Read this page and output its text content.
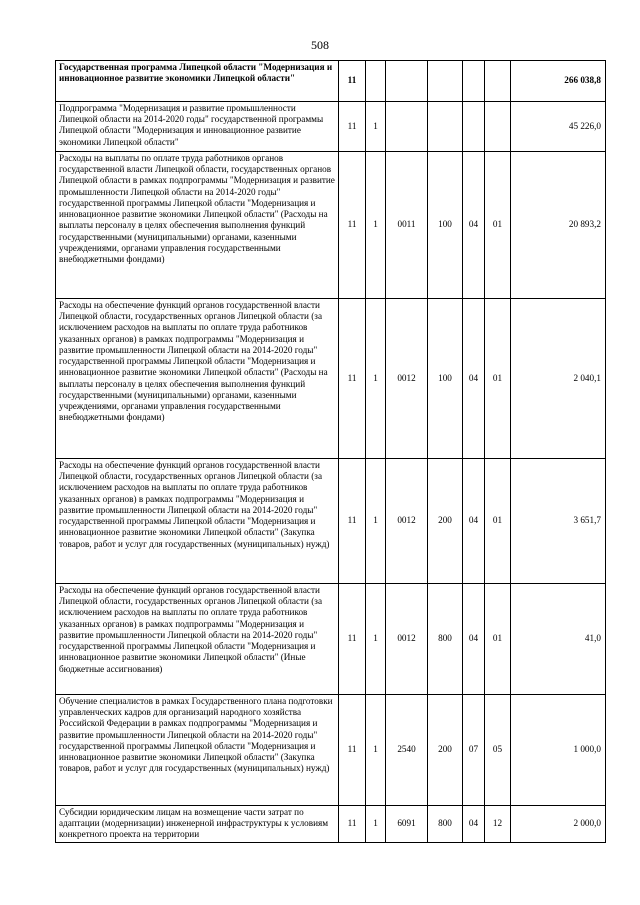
508
Государственная программа Липецкой области "Модернизация и инновационное развитие экономики Липецкой области"	11						266 038,8
Подпрограмма "Модернизация и развитие промышленности Липецкой области на 2014-2020 годы" государственной программы Липецкой области "Модернизация и инновационное развитие экономики Липецкой области"	11	1					45 226,0
Расходы на выплаты по оплате труда работников органов государственной власти Липецкой области, государственных органов Липецкой области в рамках подпрограммы "Модернизация и развитие промышленности Липецкой области на 2014-2020 годы" государственной программы Липецкой области "Модернизация и инновационное развитие экономики Липецкой области" (Расходы на выплаты персоналу в целях обеспечения выполнения функций государственными (муниципальными) органами, казенными учреждениями, органами управления государственными внебюджетными фондами)	11	1	0011	100	04	01	20 893,2
Расходы на обеспечение функций органов государственной власти Липецкой области, государственных органов Липецкой области (за исключением расходов на выплаты по оплате труда работников указанных органов) в рамках подпрограммы "Модернизация и развитие промышленности Липецкой области на 2014-2020 годы" государственной программы Липецкой области "Модернизация и инновационное развитие экономики Липецкой области" (Расходы на выплаты персоналу в целях обеспечения выполнения функций государственными (муниципальными) органами, казенными учреждениями, органами управления государственными внебюджетными фондами)	11	1	0012	100	04	01	2 040,1
Расходы на обеспечение функций органов государственной власти Липецкой области, государственных органов Липецкой области (за исключением расходов на выплаты по оплате труда работников указанных органов) в рамках подпрограммы "Модернизация и развитие промышленности Липецкой области на 2014-2020 годы" государственной программы Липецкой области "Модернизация и инновационное развитие экономики Липецкой области" (Закупка товаров, работ и услуг для государственных (муниципальных) нужд)	11	1	0012	200	04	01	3 651,7
Расходы на обеспечение функций органов государственной власти Липецкой области, государственных органов Липецкой области (за исключением расходов на выплаты по оплате труда работников указанных органов) в рамках подпрограммы "Модернизация и развитие промышленности Липецкой области на 2014-2020 годы" государственной программы Липецкой области "Модернизация и инновационное развитие экономики Липецкой области" (Иные бюджетные ассигнования)	11	1	0012	800	04	01	41,0
Обучение специалистов в рамках Государственного плана подготовки управленческих кадров для организаций народного хозяйства Российской Федерации в рамках подпрограммы "Модернизация и развитие промышленности Липецкой области на 2014-2020 годы" государственной программы Липецкой области "Модернизация и инновационное развитие экономики Липецкой области" (Закупка товаров, работ и услуг для государственных (муниципальных) нужд)	11	1	2540	200	07	05	1 000,0
Субсидии юридическим лицам на возмещение части затрат по адаптации (модернизации) инженерной инфраструктуры к условиям конкретного проекта на территории	11	1	6091	800	04	12	2 000,0
